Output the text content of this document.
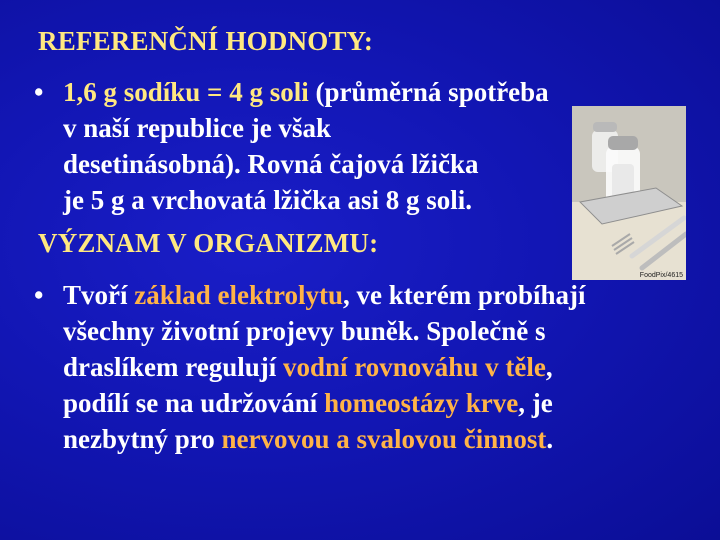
REFERENČNÍ HODNOTY:
• 1,6 g sodíku = 4 g soli (průměrná spotřeba
v naší republice je však
desetinásobná). Rovná čajová lžička
je 5 g a vrchovatá lžička asi 8 g soli.
FoodPix/4615
VÝZNAM V ORGANIZMU:
• Tvoří základ elektrolytu, ve kterém probíhají
všechny životní projevy buněk. Společně s
draslíkem regulují vodní rovnováhu v těle,
podílí se na udržování homeostázy krve, je
nezbytný pro nervovou a svalovou činnost.
